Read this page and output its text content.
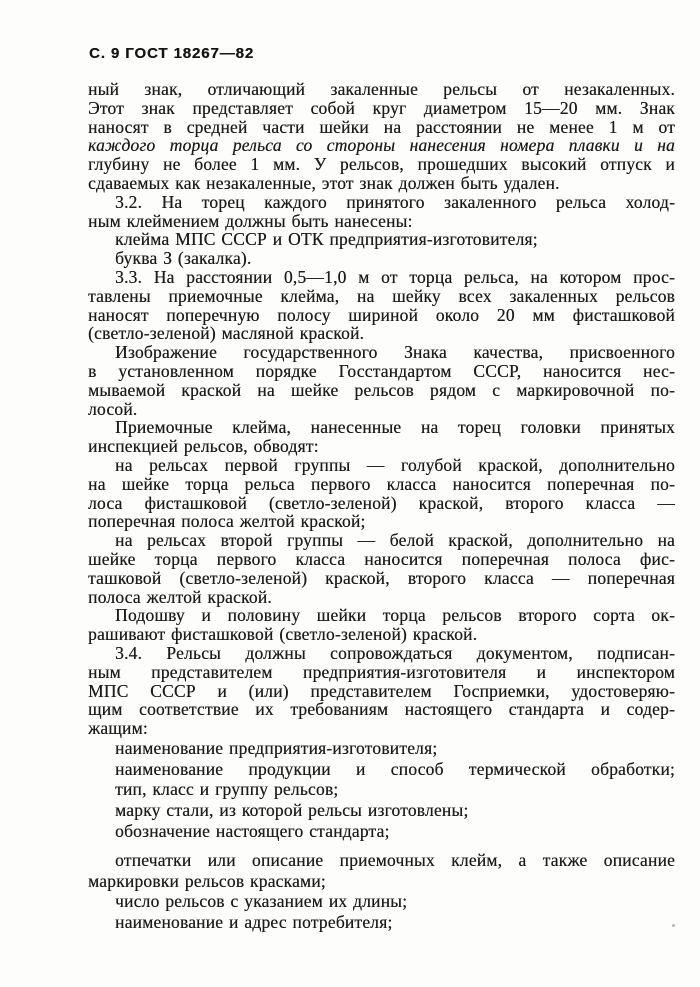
С. 9 ГОСТ 18267—82
ный знак, отличающий закаленные рельсы от незакаленных.
Этот знак представляет собой круг диаметром 15—20 мм. Знак
наносят в средней части шейки на расстоянии не менее 1 м от
каждого торца рельса со стороны нанесения номера плавки и на
глубину не более 1 мм. У рельсов, прошедших высокий отпуск и
сдаваемых как незакаленные, этот знак должен быть удален.
3.2. На торец каждого принятого закаленного рельса холод-
ным клеймением должны быть нанесены:
клейма МПС СССР и ОТК предприятия-изготовителя;
буква З (закалка).
3.3. На расстоянии 0,5—1,0 м от торца рельса, на котором прос-
тавлены приемочные клейма, на шейку всех закаленных рельсов
наносят поперечную полосу шириной около 20 мм фисташковой
(светло-зеленой) масляной краской.
Изображение государственного Знака качества, присвоенного
в установленном порядке Госстандартом СССР, наносится нес-
мываемой краской на шейке рельсов рядом с маркировочной по-
лосой.
Приемочные клейма, нанесенные на торец головки принятых
инспекцией рельсов, обводят:
на рельсах первой группы — голубой краской, дополнительно
на шейке торца рельса первого класса наносится поперечная по-
лоса фисташковой (светло-зеленой) краской, второго класса —
поперечная полоса желтой краской;
на рельсах второй группы — белой краской, дополнительно на
шейке торца первого класса наносится поперечная полоса фис-
ташковой (светло-зеленой) краской, второго класса — поперечная
полоса желтой краской.
Подошву и половину шейки торца рельсов второго сорта ок-
рашивают фисташковой (светло-зеленой) краской.
3.4. Рельсы должны сопровождаться документом, подписан-
ным представителем предприятия-изготовителя и инспектором
МПС СССР и (или) представителем Госприемки, удостоверяю-
щим соответствие их требованиям настоящего стандарта и содер-
жащим:
наименование предприятия-изготовителя;
наименование продукции и способ термической обработки;
тип, класс и группу рельсов;
марку стали, из которой рельсы изготовлены;
обозначение настоящего стандарта;
отпечатки или описание приемочных клейм, а также описание
маркировки рельсов красками;
число рельсов с указанием их длины;
наименование и адрес потребителя;
